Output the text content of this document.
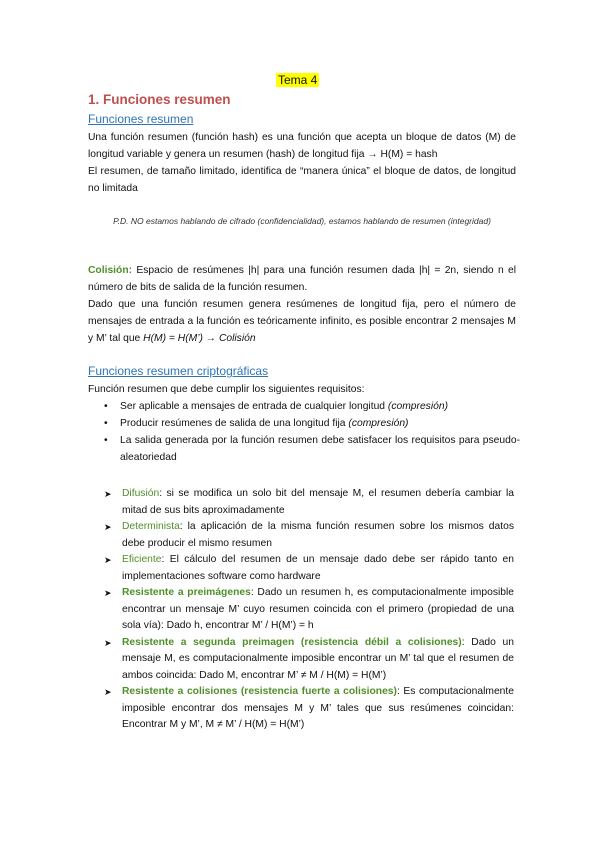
Tema 4
1. Funciones resumen
Funciones resumen
Una función resumen (función hash) es una función que acepta un bloque de datos (M) de longitud variable y genera un resumen (hash) de longitud fija → H(M) = hash
El resumen, de tamaño limitado, identifica de “manera única” el bloque de datos, de longitud no limitada
P.D. NO estamos hablando de cifrado (confidencialidad), estamos hablando de resumen (integridad)
Colisión: Espacio de resúmenes |h| para una función resumen dada |h| = 2n, siendo n el número de bits de salida de la función resumen.
Dado que una función resumen genera resúmenes de longitud fija, pero el número de mensajes de entrada a la función es teóricamente infinito, es posible encontrar 2 mensajes M y M’ tal que H(M) = H(M’) → Colisión
Funciones resumen criptográficas
Función resumen que debe cumplir los siguientes requisitos:
• Ser aplicable a mensajes de entrada de cualquier longitud (compresión)
• Producir resúmenes de salida de una longitud fija (compresión)
• La salida generada por la función resumen debe satisfacer los requisitos para pseudo-aleatoriedad
➤ Difusión: si se modifica un solo bit del mensaje M, el resumen debería cambiar la mitad de sus bits aproximadamente
➤ Determinista: la aplicación de la misma función resumen sobre los mismos datos debe producir el mismo resumen
➤ Eficiente: El cálculo del resumen de un mensaje dado debe ser rápido tanto en implementaciones software como hardware
➤ Resistente a preimágenes: Dado un resumen h, es computacionalmente imposible encontrar un mensaje M’ cuyo resumen coincida con el primero (propiedad de una sola vía): Dado h, encontrar M’ / H(M’) = h
➤ Resistente a segunda preimagen (resistencia débil a colisiones): Dado un mensaje M, es computacionalmente imposible encontrar un M’ tal que el resumen de ambos coincida: Dado M, encontrar M’ ≠ M / H(M) = H(M’)
➤ Resistente a colisiones (resistencia fuerte a colisiones): Es computacionalmente imposible encontrar dos mensajes M y M’ tales que sus resúmenes coincidan: Encontrar M y M’, M ≠ M’ / H(M) = H(M’)
